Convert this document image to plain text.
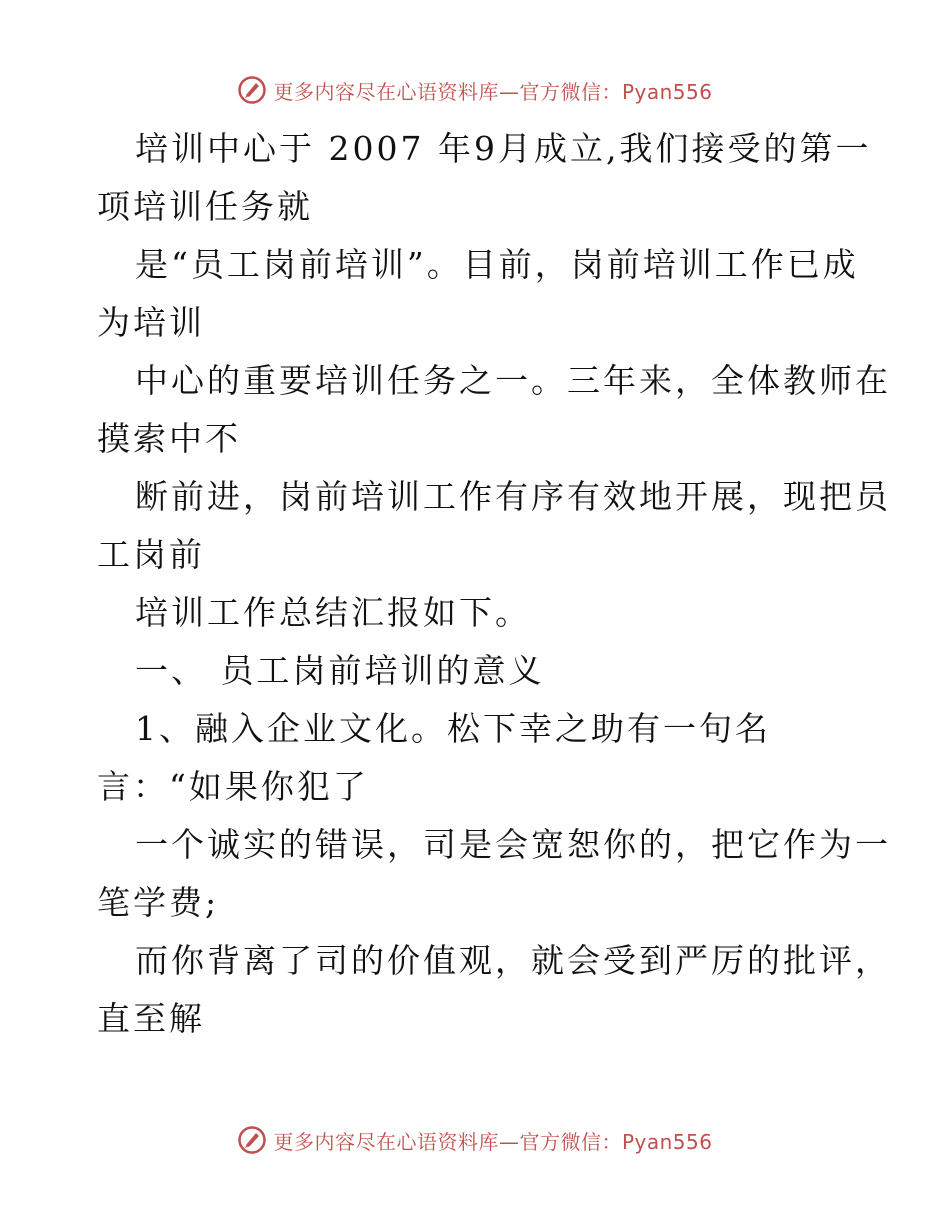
更多内容尽在心语资料库—官方微信：Pyan556
培训中心于 2007 年9月成立,我们接受的第一
项培训任务就
是“员工岗前培训”。目前，岗前培训工作已成
为培训
中心的重要培训任务之一。三年来，全体教师在
摸索中不
断前进，岗前培训工作有序有效地开展，现把员
工岗前
培训工作总结汇报如下。
一、 员工岗前培训的意义
1、融入企业文化。松下幸之助有一句名
言：“如果你犯了
一个诚实的错误，司是会宽恕你的，把它作为一
笔学费;
而你背离了司的价值观，就会受到严厉的批评，
直至解
更多内容尽在心语资料库—官方微信：Pyan556
